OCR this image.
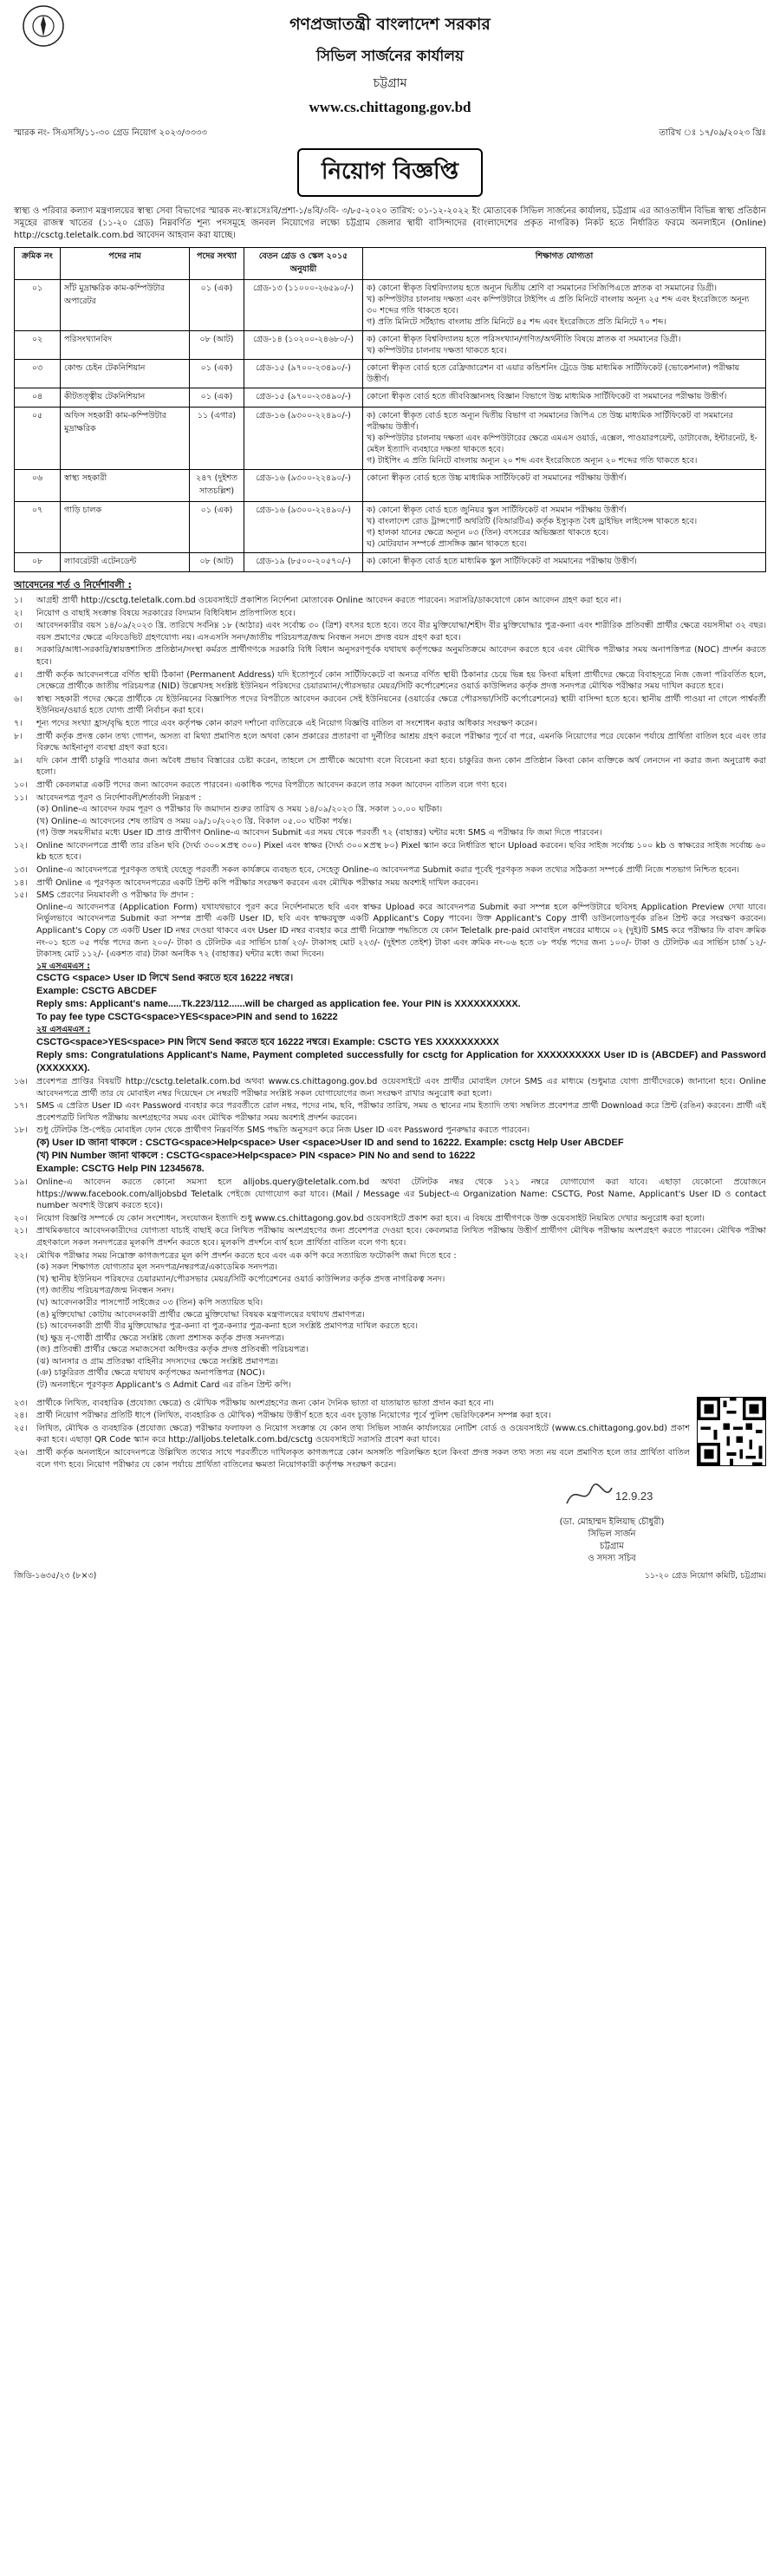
গণপ্রজাতন্ত্রী বাংলাদেশ সরকার
সিভিল সার্জনের কার্যালয়
চট্টগ্রাম
www.cs.chittagong.gov.bd
স্মারক নং- সিএসসি/১১-৩০ গ্রেড নিয়োগ ২০২৩/৩৩৩৩	তারিখ ঃ ১৭/০৯/২০২৩ খ্রিঃ
নিয়োগ বিজ্ঞপ্তি
স্বাস্থ্য ও পরিবার কল্যাণ মন্ত্রণালয়ের স্বাস্থ্য সেবা বিভাগের স্মারক নং-স্বাঃসেঃবি/প্রশা-১/৪বি/৩বি- ৩/৮৫-২০২০ তারিখ: ০১-১২-২০২২ ইং মোতাবেক সিভিল সার্জনের কার্যালয়, চট্টগ্রাম এর আওতাধীন বিভিন্ন স্বাস্থ্য প্রতিষ্ঠান সমূহের রাজস্ব খাতের (১১-২০ গ্রেড) নিম্নবর্ণিত শূন্য পদসমূহে জনবল নিয়োগের লক্ষ্যে চট্টগ্রাম জেলার স্থায়ী বাসিন্দাদের (বাংলাদেশের প্রকৃত নাগরিক) নিকট হতে নির্ধারিত ফরমে অনলাইনে (Online) http://csctg.teletalk.com.bd আবেদন আহবান করা যাচ্ছে।
ক্রমিক নং	পদের নাম	পদের সংখ্যা	বেতন গ্রেড ও স্কেল ২০১৫ অনুযায়ী	শিক্ষাগত যোগ্যতা
০১	সাঁট মুদ্রাক্ষরিক কাম-কম্পিউটার অপারেটর	০১ (এক)	গ্রেড-১৩ (১১০০০-২৬৫৯০/-)	ক) কোনো স্বীকৃত বিশ্ববিদ্যালয় হতে অন্যূন দ্বিতীয় শ্রেণি বা সমমানের সিজিপিএতে স্নাতক বা সমমানের ডিগ্রী।
খ) কম্পিউটার চালনায় দক্ষতা এবং কম্পিউটারে টাইপিং এ প্রতি মিনিটে বাংলায় অনূন্য ২৫ শব্দ এবং ইংরেজিতে অনূন্য ৩০ শব্দের গতি থাকতে হবে।
গ) প্রতি মিনিটে সর্টহ্যান্ড বাংলায় প্রতি মিনিটে ৪৫ শব্দ এবং ইংরেজিতে প্রতি মিনিটে ৭০ শব্দ।

০২	পরিসংখ্যানবিদ	০৮ (আট)	গ্রেড-১৪ (১০২০০-২৪৬৮০/-)	ক) কোনো স্বীকৃত বিশ্ববিদ্যালয় হতে পরিসংখ্যান/গণিত/অর্থনীতি বিষয়ে স্নাতক বা সমমানের ডিগ্রী।
খ) কম্পিউটার চালনায় দক্ষতা থাকতে হবে।

০৩	কোল্ড চেইন টেকনিশিয়ান	০১ (এক)	গ্রেড-১৫ (৯৭০০-২৩৪৯০/-)	কোনো স্বীকৃত বোর্ড হতে রেফ্রিজারেশন বা এয়ার কন্ডিশনিং ট্রেডে উচ্চ মাধ্যমিক সার্টিফিকেট (ভোকেশনাল) পরীক্ষায় উত্তীর্ণ।

০৪	কীটতত্ত্বীয় টেকনিশিয়ান	০১ (এক)	গ্রেড-১৫ (৯৭০০-২৩৪৯০/-)	কোনো স্বীকৃত বোর্ড হতে জীববিজ্ঞানসহ বিজ্ঞান বিভাগে উচ্চ মাধ্যমিক সার্টিফিকেট বা সমমানের পরীক্ষায় উত্তীর্ণ।

০৫	অফিস সহকারী কাম-কম্পিউটার মুদ্রাক্ষরিক	১১ (এগার)	গ্রেড-১৬ (৯৩০০-২২৪৯০/-)	ক) কোনো স্বীকৃত বোর্ড হতে অন্যূন দ্বিতীয় বিভাগ বা সমমানের জিপিএ তে উচ্চ মাধ্যমিক সার্টিফিকেট বা সমমানের পরীক্ষায় উত্তীর্ণ।
খ) কম্পিউটার চালনায় দক্ষতা এবং কম্পিউটারের ক্ষেত্রে এমএস ওয়ার্ড, এক্সেল, পাওয়ারপয়েন্ট, ডাটাবেজ, ইন্টারনেট, ই-মেইল ইত্যাদি ব্যবহারে দক্ষতা থাকতে হবে।
গ) টাইপিং এ প্রতি মিনিটে বাংলায় অন্যূন ২০ শব্দ এবং ইংরেজিতে অন্যূন ২০ শব্দের গতি থাকতে হবে।

০৬	স্বাস্থ্য সহকারী	২৪৭ (দুইশত সাতচল্লিশ)	গ্রেড-১৬ (৯৩০০-২২৪৯০/-)	কোনো স্বীকৃত বোর্ড হতে উচ্চ মাধ্যমিক সার্টিফিকেট বা সমমানের পরীক্ষায় উত্তীর্ণ।

০৭	গাড়ি চালক	০১ (এক)	গ্রেড-১৬ (৯৩০০-২২৪৯০/-)	ক) কোনো স্বীকৃত বোর্ড হতে জুনিয়র স্কুল সার্টিফিকেট বা সমমান পরীক্ষায় উত্তীর্ণ।
খ) বাংলাদেশ রোড ট্রান্সপোর্ট অথরিটি (বিআরটিএ) কর্তৃক ইস্যুকৃত বৈধ ড্রাইভিং লাইসেন্স থাকতে হবে।
গ) হালকা যানের ক্ষেত্রে অন্যূন ০৩ (তিন) বৎসরের অভিজ্ঞতা থাকতে হবে।
ঘ) মোটরযান সম্পর্কে প্রাসঙ্গিক জ্ঞান থাকতে হবে।

০৮	ল্যাবরেটরী এটেনডেন্ট	০৮ (আট)	গ্রেড-১৯ (৮৫০০-২০৫৭০/-)	ক) কোনো স্বীকৃত বোর্ড হতে মাধ্যমিক স্কুল সার্টিফিকেট বা সমমানের পরীক্ষায় উত্তীর্ণ।
আবেদনের শর্ত ও নির্দেশাবলী :
১।	আগ্রহী প্রার্থী http://csctg.teletalk.com.bd ওয়েবসাইটে প্রকাশিত নির্দেশনা মোতাবেক Online আবেদন করতে পারবেন। সরাসরি/ডাকযোগে কোন আবেদন গ্রহণ করা হবে না।
২।	নিয়োগ ও বাছাই সংক্রান্ত বিষয়ে সরকারের বিদ্যমান বিধিবিধান প্রতিপালিত হবে।
৩।	আবেদনকারীর বয়স ১৪/০৯/২০২৩ খ্রি. তারিখে সর্বনিম্ন ১৮ (আঠার) এবং সর্বোচ্চ ৩০ (ত্রিশ) বৎসর হতে হবে। তবে বীর মুক্তিযোদ্ধা/শহীদ বীর মুক্তিযোদ্ধার পুত্র-কন্যা এবং শারীরিক প্রতিবন্ধী প্রার্থীর ক্ষেত্রে বয়সসীমা ৩২ বছর। বয়স প্রমাণের ক্ষেত্রে এফিডেভিট গ্রহণযোগ্য নয়। এসএসসি সনদ/জাতীয় পরিচয়পত্র/জন্ম নিবন্ধন সনদে প্রদত্ত বয়স গ্রহণ করা হবে।
৪।	সরকারি/আধা-সরকারি/স্বায়ত্তশাসিত প্রতিষ্ঠান/সংস্থা কর্মরত প্রার্থীগণকে সরকারি বিধি বিধান অনুসরণপূর্বক যথাযথ কর্তৃপক্ষের অনুমতিক্রমে আবেদন করতে হবে এবং মৌখিক পরীক্ষার সময় অনাপত্তিপত্র (NOC) প্রদর্শন করতে হবে।
৫।	প্রার্থী কর্তৃক আবেদনপত্রে বর্ণিত স্থায়ী ঠিকানা (Permanent Address) যদি ইতোপূর্বে কোন সার্টিফিকেটে বা অন্যত্র বর্ণিত স্থায়ী ঠিকানার চেয়ে ভিন্ন হয় কিংবা মহিলা প্রার্থীদের ক্ষেত্রে বিবাহসূত্রে নিজ জেলা পরিবর্তিত হলে, সেক্ষেত্রে প্রার্থীকে জাতীয় পরিচয়পত্র (NID) উল্লেখসহ সংশ্লিষ্ট ইউনিয়ন পরিষদের চেয়ারম্যান/পৌরসভার মেয়র/সিটি কর্পোরেশনের ওয়ার্ড কাউন্সিলর কর্তৃক প্রদত্ত সনদপত্র মৌখিক পরীক্ষার সময় দাখিল করতে হবে।
৬।	স্বাস্থ্য সহকারী পদের ক্ষেত্রে প্রার্থীকে যে ইউনিয়নের বিজ্ঞাপিত পদের বিপরীতে আবেদন করবেন সেই ইউনিয়নের (ওয়ার্ডের ক্ষেত্রে পৌরসভা/সিটি কর্পোরেশনের) স্থায়ী বাসিন্দা হতে হবে। স্থানীয় প্রার্থী পাওয়া না গেলে পার্শ্ববর্তী ইউনিয়ন/ওয়ার্ড হতে যোগ্য প্রার্থী নির্বাচন করা হবে।
৭।	শূন্য পদের সংখ্যা হ্রাস/বৃদ্ধি হতে পারে এবং কর্তৃপক্ষ কোন কারণ দর্শানো ব্যতিরেকে এই নিয়োগ বিজ্ঞপ্তি বাতিল বা সংশোধন করার অধিকার সংরক্ষণ করেন।
৮।	প্রার্থী কর্তৃক প্রদত্ত কোন তথ্য গোপন, অসত্য বা মিথ্যা প্রমাণিত হলে অথবা কোন প্রকারের প্রতারণা বা দুর্নীতির আশ্রয় গ্রহণ করলে পরীক্ষার পূর্বে বা পরে, এমনকি নিয়োগের পরে যেকোন পর্যায়ে প্রার্থিতা বাতিল হবে এবং তার বিরুদ্ধে আইনানুগ ব্যবস্থা গ্রহণ করা হবে।
৯।	যদি কোন প্রার্থী চাকুরি পাওয়ার জন্য অবৈধ প্রভাব বিস্তারের চেষ্টা করেন, তাহলে সে প্রার্থীকে অযোগ্য বলে বিবেচনা করা হবে। চাকুরির জন্য কোন প্রতিষ্ঠান কিংবা কোন ব্যক্তিকে অর্থ লেনদেন না করার জন্য অনুরোধ করা হলো।
১০।	প্রার্থী কেবলমাত্র একটি পদের জন্য আবেদন করতে পারবেন। একাধিক পদের বিপরীতে আবেদন করলে তার সকল আবেদন বাতিল বলে গণ্য হবে।
১১।	আবেদনপত্র পূরণ ও নির্দেশাবলী/শর্তাবলী নিম্নরূপ :
(ক) Online-এ আবেদন ফরম পূরণ ও পরীক্ষার ফি জমাদান শুরুর তারিখ ও সময় ১৪/০৯/২০২৩ খ্রি. সকাল ১০.০০ ঘটিকা।
(খ) Online-এ আবেদনের শেষ তারিখ ও সময় ০৯/১০/২০২৩ খ্রি. বিকাল ০৫.০০ ঘটিকা পর্যন্ত।
(গ) উক্ত সময়সীমার মধ্যে User ID প্রাপ্ত প্রার্থীগণ Online-এ আবেদন Submit এর সময় থেকে পরবর্তী ৭২ (বাহাত্তর) ঘন্টার মধ্যে SMS এ পরীক্ষার ফি জমা দিতে পারবেন।
১২।	Online আবেদনপত্রে প্রার্থী তার রঙিন ছবি (দৈর্ঘ্য ৩০০×প্রস্থ ৩০০) Pixel এবং স্বাক্ষর (দৈর্ঘ্য ৩০০×প্রস্থ ৮০) Pixel স্ক্যান করে নির্ধারিত স্থানে Upload করবেন। ছবির সাইজ সর্বোচ্চ ১০০ kb ও স্বাক্ষরের সাইজ সর্বোচ্চ ৬০ kb হতে হবে।
১৩।	Online-এ আবেদনপত্রে পূরণকৃত তথ্যই যেহেতু পরবর্তী সকল কার্যক্রমে ব্যবহৃত হবে, সেহেতু Online-এ আবেদনপত্র Submit করার পূর্বেই পূরণকৃত সকল তথ্যের সঠিকতা সম্পর্কে প্রার্থী নিজে শতভাগ নিশ্চিত হবেন।
১৪।	প্রার্থী Online এ পূরণকৃত আবেদনপত্রের একটি প্রিন্ট কপি পরীক্ষার সংরক্ষণ করবেন এবং মৌখিক পরীক্ষার সময় অবশ্যই দাখিল করবেন।
১৫।	SMS প্রেরণের নিয়মাবলী ও পরীক্ষার ফি প্রদান :
Online-এ আবেদনপত্র (Application Form) যথাযথভাবে পূরণ করে নির্দেশনামতে ছবি এবং স্বাক্ষর Upload করে আবেদনপত্র Submit করা সম্পন্ন হলে কম্পিউটারে ছবিসহ Application Preview দেখা যাবে। নির্ভুলভাবে আবেদনপত্র Submit করা সম্পন্ন প্রার্থী একটি User ID, ছবি এবং স্বাক্ষরযুক্ত একটি Applicant's Copy পাবেন। উক্ত Applicant's Copy প্রার্থী ডাউনলোডপূর্বক রঙিন প্রিন্ট করে সংরক্ষণ করবেন। Applicant's Copy তে একটি User ID নম্বর দেওয়া থাকবে এবং User ID নম্বর ব্যবহার করে প্রার্থী নিম্নোক্ত পদ্ধতিতে যে কোন Teletalk pre-paid মোবাইল নম্বরের মাধ্যমে ০২ (দুই)টি SMS করে পরীক্ষার ফি বাবদ ক্রমিক নং-০১ হতে ০৫ পর্যন্ত পদের জন্য ২০০/- টাকা ও টেলিটক এর সার্ভিস চার্জ ২৩/- টাকাসহ মোট ২২৩/- (দুইশত তেইশ) টাকা এবং ক্রমিক নং-০৬ হতে ০৮ পর্যন্ত পদের জন্য ১০০/- টাকা ও টেলিটক এর সার্ভিস চার্জ ১২/- টাকাসহ মোট ১১২/- (একশত বার) টাকা অনধিক ৭২ (বাহাত্তর) ঘন্টার মধ্যে জমা দিবেন।
১ম এসএমএস :
CSCTG <space> User ID লিখে Send করতে হবে 16222 নম্বরে।
Example: CSCTG ABCDEF
Reply sms: Applicant's name.....Tk.223/112......will be charged as application fee. Your PIN is XXXXXXXXXX.
To pay fee type CSCTG<space>YES<space>PIN and send to 16222
২য় এসএমএস :
CSCTG<space>YES<space> PIN লিখে Send করতে হবে 16222 নম্বরে। Example: CSCTG YES XXXXXXXXXX
Reply sms: Congratulations Applicant's Name, Payment completed successfully for csctg for Application for XXXXXXXXXX User ID is (ABCDEF) and Password (XXXXXXX).
১৬।	প্রবেশপত্র প্রাপ্তির বিষয়টি http://csctg.teletalk.com.bd অথবা www.cs.chittagong.gov.bd ওয়েবসাইটে এবং প্রার্থীর মোবাইল ফোনে SMS এর মাধ্যমে (শুধুমাত্র যোগ্য প্রার্থীদেরকে) জানানো হবে। Online আবেদনপত্রে প্রার্থী তার যে মোবাইল নম্বর দিয়েছেন সে নম্বরটি পরীক্ষার সংশ্লিষ্ট সকল যোগাযোগের জন্য সংরক্ষণ রাখার অনুরোধ করা হলো।
১৭।	SMS এ প্রেরিত User ID এবং Password ব্যবহার করে পরবর্তীতে রোল নম্বর, পদের নাম, ছবি, পরীক্ষার তারিখ, সময় ও স্থানের নাম ইত্যাদি তথ্য সম্বলিত প্রবেশপত্র প্রার্থী Download করে প্রিন্ট (রঙিন) করবেন। প্রার্থী এই প্রবেশপত্রটি লিখিত পরীক্ষায় অংশগ্রহণের সময় এবং মৌখিক পরীক্ষার সময় অবশ্যই প্রদর্শন করবেন।
১৮।	শুধু টেলিটক প্রি-পেইড মোবাইল ফোন থেকে প্রার্থীগণ নিম্নবর্ণিত SMS পদ্ধতি অনুসরণ করে নিজ User ID এবং Password পুনরুদ্ধার করতে পারবেন।
(ক) User ID জানা থাকলে : CSCTG<space>Help<space> User <space>User ID and send to 16222. Example: csctg Help User ABCDEF
(খ) PIN Number জানা থাকলে : CSCTG<space>Help<space> PIN <space> PIN No and send to 16222
Example: CSCTG Help PIN 12345678.
১৯।	Online-এ আবেদন করতে কোনো সমস্যা হলে alljobs.query@teletalk.com.bd অথবা টেলিটক নম্বর থেকে ১২১ নম্বরে যোগাযোগ করা যাবে। এছাড়া যেকোনো প্রয়োজনে https://www.facebook.com/alljobsbd Teletalk পেইজে যোগাযোগ করা যাবে। (Mail / Message এর Subject-এ Organization Name: CSCTG, Post Name, Applicant's User ID ও contact number অবশ্যই উল্লেখ করতে হবে)।
২০।	নিয়োগ বিজ্ঞপ্তি সম্পর্কে যে কোন সংশোধন, সংযোজন ইত্যাদি শুধু www.cs.chittagong.gov.bd ওয়েবসাইটে প্রকাশ করা হবে। এ বিষয়ে প্রার্থীগণকে উক্ত ওয়েবসাইট নিয়মিত দেখার অনুরোধ করা হলো।
২১।	প্রাথমিকভাবে আবেদনকারীদের যোগ্যতা যাচাই বাছাই করে লিখিত পরীক্ষায় অংশগ্রহণের জন্য প্রবেশপত্র দেওয়া হবে। কেবলমাত্র লিখিত পরীক্ষায় উত্তীর্ণ প্রার্থীগণ মৌখিক পরীক্ষায় অংশগ্রহণ করতে পারবেন। মৌখিক পরীক্ষা গ্রহণকালে সকল সনদপত্রের মূলকপি প্রদর্শন করতে হবে। মূলকপি প্রদর্শনে ব্যর্থ হলে প্রার্থিতা বাতিল বলে গণ্য হবে।
২২।	মৌখিক পরীক্ষার সময় নিম্নোক্ত কাগজপত্রের মূল কপি প্রদর্শন করতে হবে এবং এক কপি করে সত্যায়িত ফটোকপি জমা দিতে হবে :
(ক) সকল শিক্ষাগত যোগ্যতার মূল সনদপত্র/নম্বরপত্র/একাডেমিক সনদপত্র।
(খ) স্থানীয় ইউনিয়ন পরিষদের চেয়ারম্যান/পৌরসভার মেয়র/সিটি কর্পোরেশনের ওয়ার্ড কাউন্সিলর কর্তৃক প্রদত্ত নাগরিকত্ব সনদ।
(গ) জাতীয় পরিচয়পত্র/জন্ম নিবন্ধন সনদ।
(ঘ) আবেদনকারীর পাসপোর্ট সাইজের ০৩ (তিন) কপি সত্যায়িত ছবি।
(ঙ) মুক্তিযোদ্ধা কোটায় আবেদনকারী প্রার্থীর ক্ষেত্রে মুক্তিযোদ্ধা বিষয়ক মন্ত্রণালয়ের যথাযথ প্রমাণপত্র।
(চ) আবেদনকারী প্রার্থী বীর মুক্তিযোদ্ধার পুত্র-কন্যা বা পুত্র-কন্যার পুত্র-কন্যা হলে সংশ্লিষ্ট প্রমাণপত্র দাখিল করতে হবে।
(ছ) ক্ষুদ্র নৃ-গোষ্ঠী প্রার্থীর ক্ষেত্রে সংশ্লিষ্ট জেলা প্রশাসক কর্তৃক প্রদত্ত সনদপত্র।
(জ) প্রতিবন্ধী প্রার্থীর ক্ষেত্রে সমাজসেবা অধিদপ্তর কর্তৃক প্রদত্ত প্রতিবন্ধী পরিচয়পত্র।
(ঝ) আনসার ও গ্রাম প্রতিরক্ষা বাহিনীর সদস্যদের ক্ষেত্রে সংশ্লিষ্ট প্রমাণপত্র।
(ঞ) চাকুরিরত প্রার্থীর ক্ষেত্রে যথাযথ কর্তৃপক্ষের অনাপত্তিপত্র (NOC)।
(ট) অনলাইনে পূরণকৃত Applicant's ও Admit Card এর রঙিন প্রিন্ট কপি।
২৩।	প্রার্থীকে লিখিত, ব্যবহারিক (প্রযোজ্য ক্ষেত্রে) ও মৌখিক পরীক্ষায় অংশগ্রহণের জন্য কোন দৈনিক ভাতা বা যাতায়াত ভাতা প্রদান করা হবে না।
২৪।	প্রার্থী নিয়োগ পরীক্ষার প্রতিটি ধাপে (লিখিত, ব্যবহারিক ও মৌখিক) পরীক্ষায় উত্তীর্ণ হতে হবে এবং চূড়ান্ত নিয়োগের পূর্বে পুলিশ ভেরিফিকেশন সম্পন্ন করা হবে।
২৫।	লিখিত, মৌখিক ও ব্যবহারিক (প্রযোজ্য ক্ষেত্রে) পরীক্ষার ফলাফল ও নিয়োগ সংক্রান্ত যে কোন তথ্য সিভিল সার্জন কার্যালয়ের নোটিশ বোর্ড ও ওয়েবসাইটে (www.cs.chittagong.gov.bd) প্রকাশ করা হবে। এছাড়া QR Code স্ক্যান করে http://alljobs.teletalk.com.bd/csctg ওয়েবসাইটে সরাসরি প্রবেশ করা যাবে।
২৬।	প্রার্থী কর্তৃক অনলাইনে আবেদনপত্রে উল্লিখিত তথ্যের সাথে পরবর্তীতে দাখিলকৃত কাগজপত্রে কোন অসঙ্গতি পরিলক্ষিত হলে কিংবা প্রদত্ত সকল তথ্য সত্য নয় বলে প্রমাণিত হলে তার প্রার্থিতা বাতিল বলে গণ্য হবে। নিয়োগ পরীক্ষার যে কোন পর্যায়ে প্রার্থিতা বাতিলের ক্ষমতা নিয়োগকারী কর্তৃপক্ষ সংরক্ষণ করেন।
12.9.23
(ডা. মোহাম্মদ ইলিয়াছ চৌধুরী)
সিভিল সার্জন
চট্টগ্রাম
ও সদস্য সচিব
জিডি-১৬৩৫/২৩ (৮×৩)	১১-২০ গ্রেড নিয়োগ কমিটি, চট্টগ্রাম।
